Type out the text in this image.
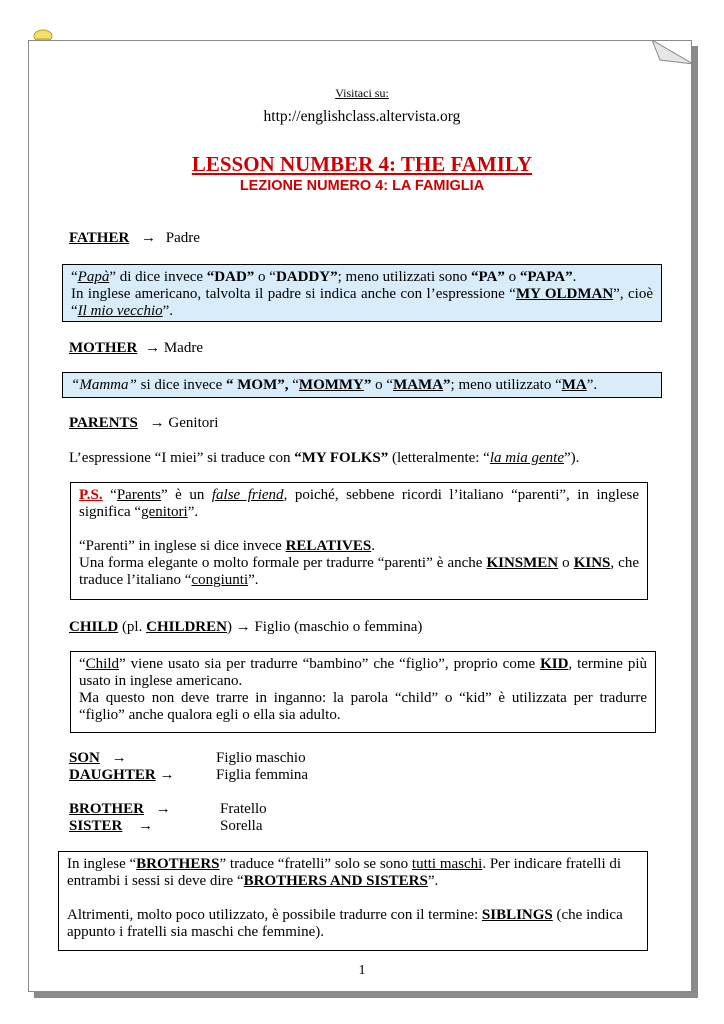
Visitaci su:
http://englishclass.altervista.org
LESSON NUMBER 4: THE FAMILY
LEZIONE NUMERO 4: LA FAMIGLIA
FATHER → Padre
“Papà” di dice invece “DAD” o “DADDY”; meno utilizzati sono “PA” o “PAPA”.
In inglese americano, talvolta il padre si indica anche con l’espressione “MY OLDMAN”, cioè “Il mio vecchio”.
MOTHER → Madre
“Mamma” si dice invece “ MOM”, “MOMMY” o “MAMA”; meno utilizzato “MA”.
PARENTS → Genitori
L’espressione “I miei” si traduce con “MY FOLKS” (letteralmente: “la mia gente”).
P.S. “Parents” è un false friend, poiché, sebbene ricordi l’italiano “parenti”, in inglese significa “genitori”.
“Parenti” in inglese si dice invece RELATIVES.
Una forma elegante o molto formale per tradurre “parenti” è anche KINSMEN o KINS, che traduce l’italiano “congiunti”.
CHILD (pl. CHILDREN) → Figlio (maschio o femmina)
“Child” viene usato sia per tradurre “bambino” che “figlio”, proprio come KID, termine più usato in inglese americano.
Ma questo non deve trarre in inganno: la parola “child” o “kid” è utilizzata per tradurre “figlio” anche qualora egli o ella sia adulto.
SON →	Figlio maschio
DAUGHTER →	Figlia femmina
BROTHER →	Fratello
SISTER →	Sorella
In inglese “BROTHERS” traduce “fratelli” solo se sono tutti maschi. Per indicare fratelli di entrambi i sessi si deve dire “BROTHERS AND SISTERS”.
Altrimenti, molto poco utilizzato, è possibile tradurre con il termine: SIBLINGS (che indica appunto i fratelli sia maschi che femmine).
1
